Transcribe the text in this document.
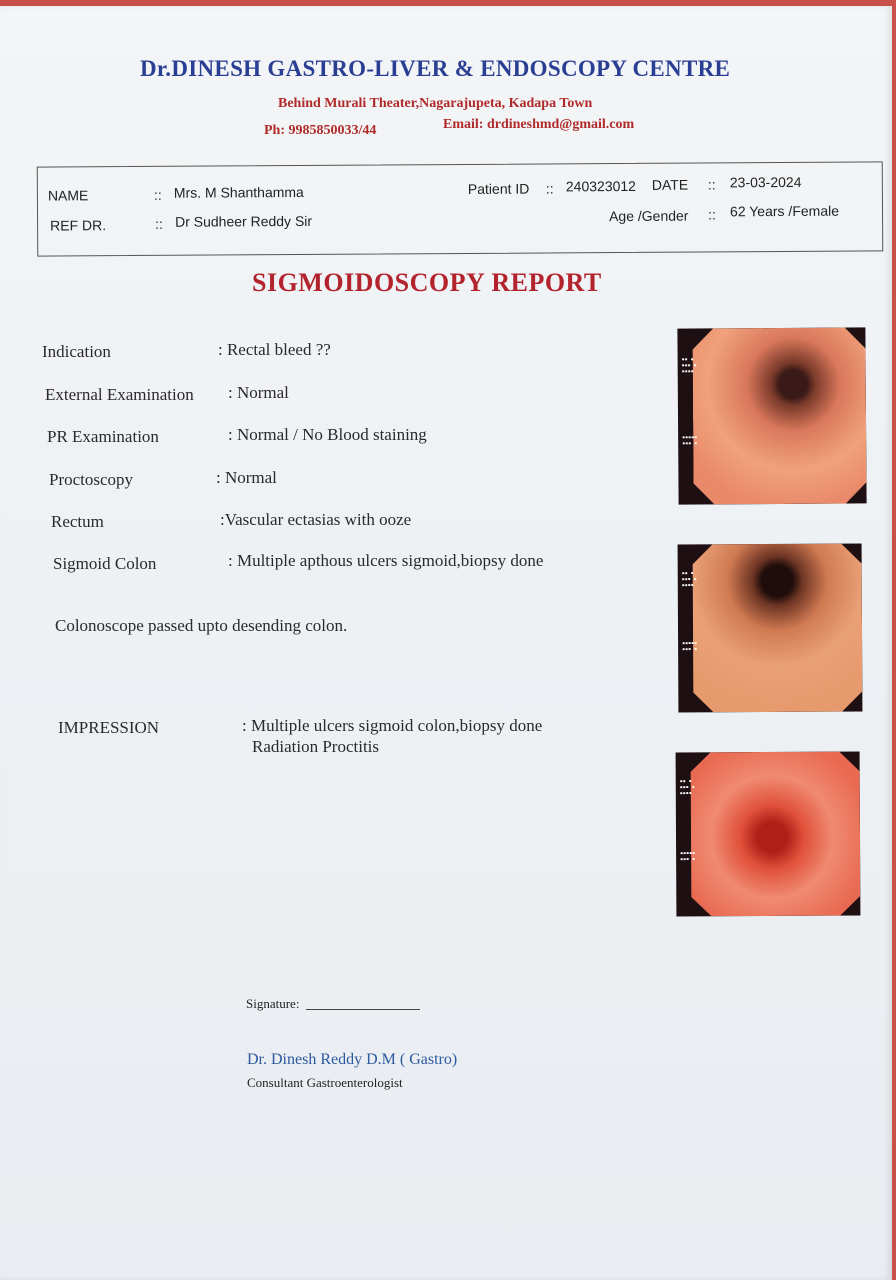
Dr.DINESH GASTRO-LIVER & ENDOSCOPY CENTRE
Behind Murali Theater,Nagarajupeta, Kadapa Town
Ph: 9985850033/44	Email: drdineshmd@gmail.com
NAME	:: Mrs. M Shanthamma
REF DR.	:: Dr Sudheer Reddy Sir
Patient ID :: 240323012 DATE :: 23-03-2024
Age /Gender :: 62 Years /Female
SIGMOIDOSCOPY REPORT
Indication	: Rectal bleed ??
External Examination : Normal
PR Examination	: Normal / No Blood staining
Proctoscopy	: Normal
Rectum	:Vascular ectasias with ooze
Sigmoid Colon	: Multiple apthous ulcers sigmoid,biopsy done
Colonoscope passed upto desending colon.
IMPRESSION	: Multiple ulcers sigmoid colon,biopsy done
Radiation Proctitis
▪▪ ▪
▪▪▪ ▪
▪▪▪▪
▪▪▪▪▪
▪▪▪ ▪
▪▪ ▪
▪▪▪ ▪
▪▪▪▪
▪▪▪▪▪
▪▪▪ ▪
▪▪ ▪
▪▪▪ ▪
▪▪▪▪
▪▪▪▪▪
▪▪▪ ▪
Signature:
Dr. Dinesh Reddy D.M ( Gastro)
Consultant Gastroenterologist
